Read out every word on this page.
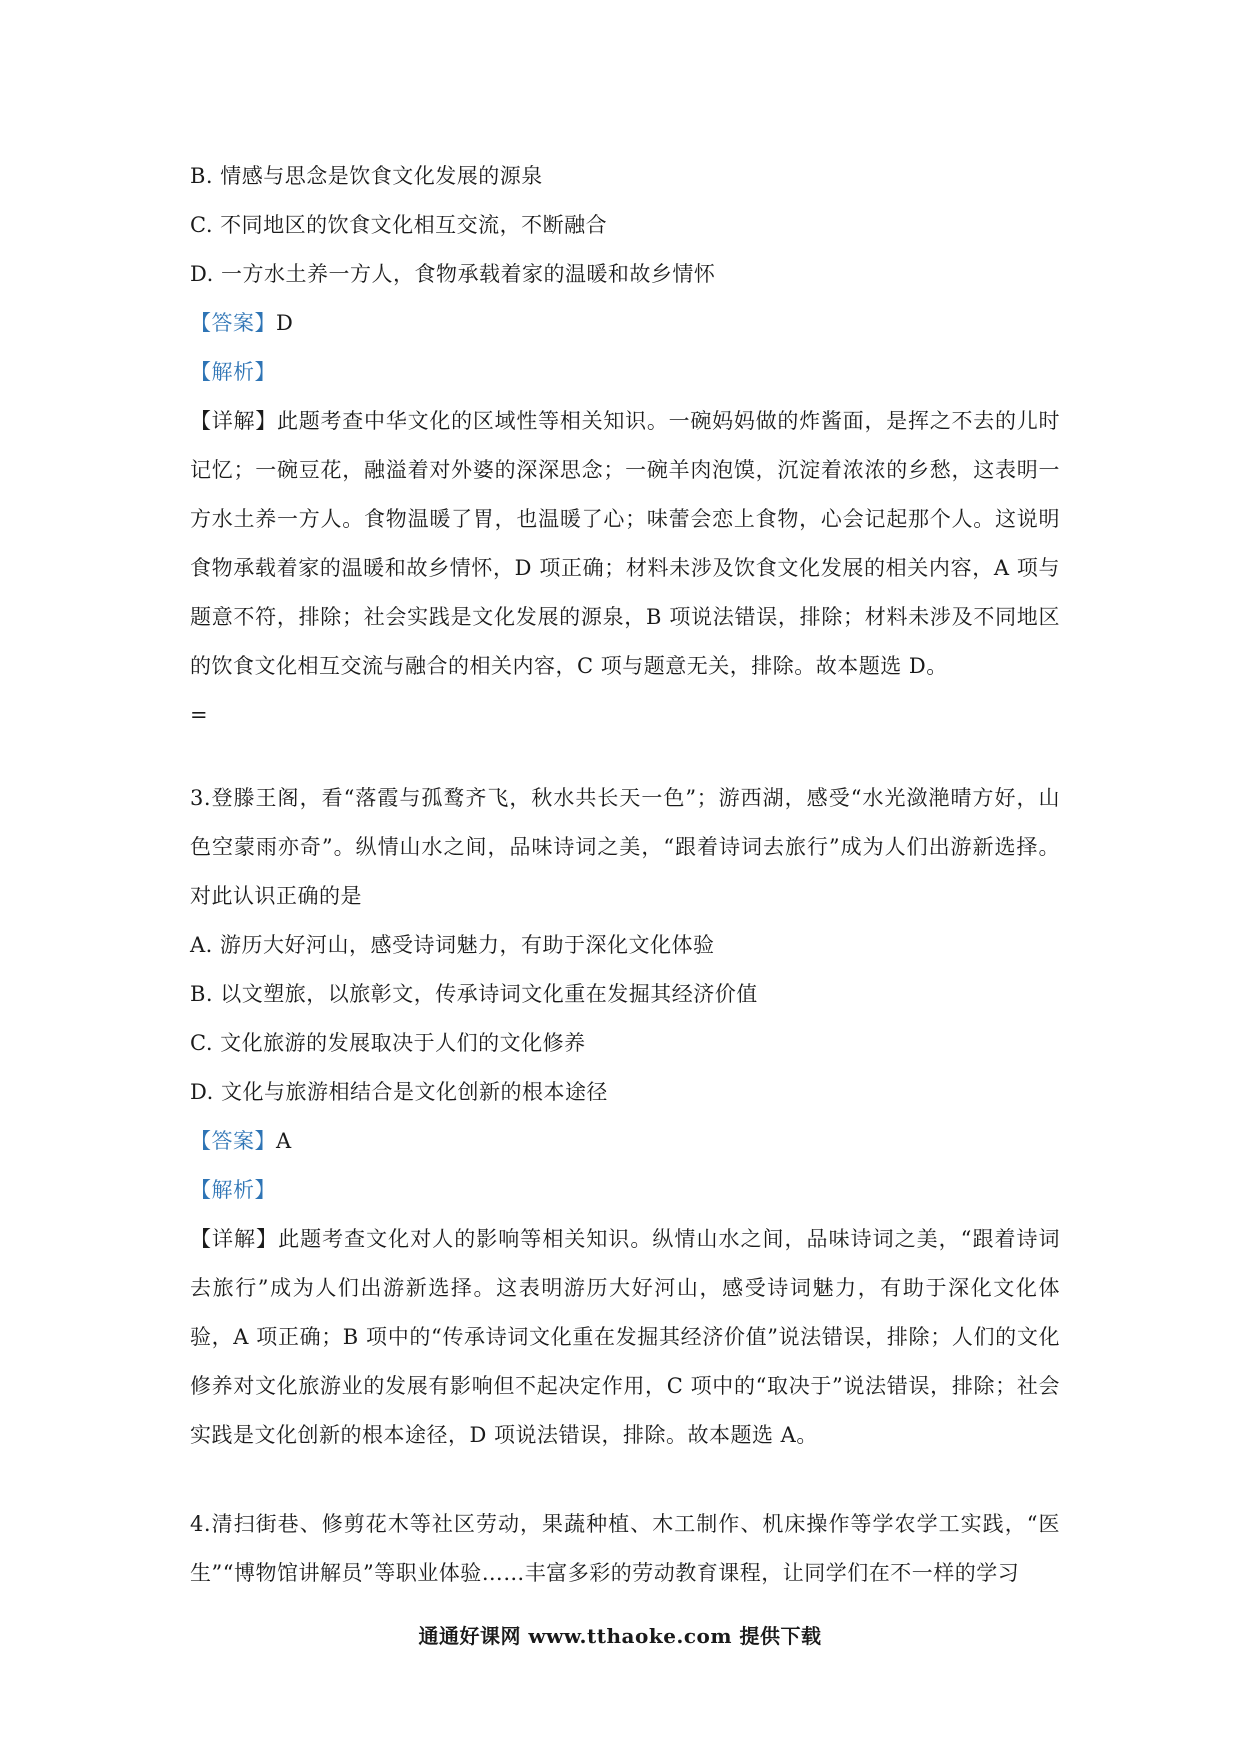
B. 情感与思念是饮食文化发展的源泉
C. 不同地区的饮食文化相互交流，不断融合
D. 一方水土养一方人，食物承载着家的温暖和故乡情怀
【答案】D
【解析】
【详解】此题考查中华文化的区域性等相关知识。一碗妈妈做的炸酱面，是挥之不去的儿时记忆；一碗豆花，融溢着对外婆的深深思念；一碗羊肉泡馍，沉淀着浓浓的乡愁，这表明一方水土养一方人。食物温暖了胃，也温暖了心；味蕾会恋上食物，心会记起那个人。这说明食物承载着家的温暖和故乡情怀，D 项正确；材料未涉及饮食文化发展的相关内容，A 项与题意不符，排除；社会实践是文化发展的源泉，B 项说法错误，排除；材料未涉及不同地区的饮食文化相互交流与融合的相关内容，C 项与题意无关，排除。故本题选 D。
=
3.登滕王阁，看“落霞与孤鹜齐飞，秋水共长天一色”；游西湖，感受“水光潋滟晴方好，山色空蒙雨亦奇”。纵情山水之间，品味诗词之美，“跟着诗词去旅行”成为人们出游新选择。对此认识正确的是
A. 游历大好河山，感受诗词魅力，有助于深化文化体验
B. 以文塑旅，以旅彰文，传承诗词文化重在发掘其经济价值
C. 文化旅游的发展取决于人们的文化修养
D. 文化与旅游相结合是文化创新的根本途径
【答案】A
【解析】
【详解】此题考查文化对人的影响等相关知识。纵情山水之间，品味诗词之美，“跟着诗词去旅行”成为人们出游新选择。这表明游历大好河山，感受诗词魅力，有助于深化文化体验，A 项正确；B 项中的“传承诗词文化重在发掘其经济价值”说法错误，排除；人们的文化修养对文化旅游业的发展有影响但不起决定作用，C 项中的“取决于”说法错误，排除；社会实践是文化创新的根本途径，D 项说法错误，排除。故本题选 A。
4.清扫街巷、修剪花木等社区劳动，果蔬种植、木工制作、机床操作等学农学工实践，“医生”“博物馆讲解员”等职业体验……丰富多彩的劳动教育课程，让同学们在不一样的学习
通通好课网 www.tthaoke.com 提供下载
